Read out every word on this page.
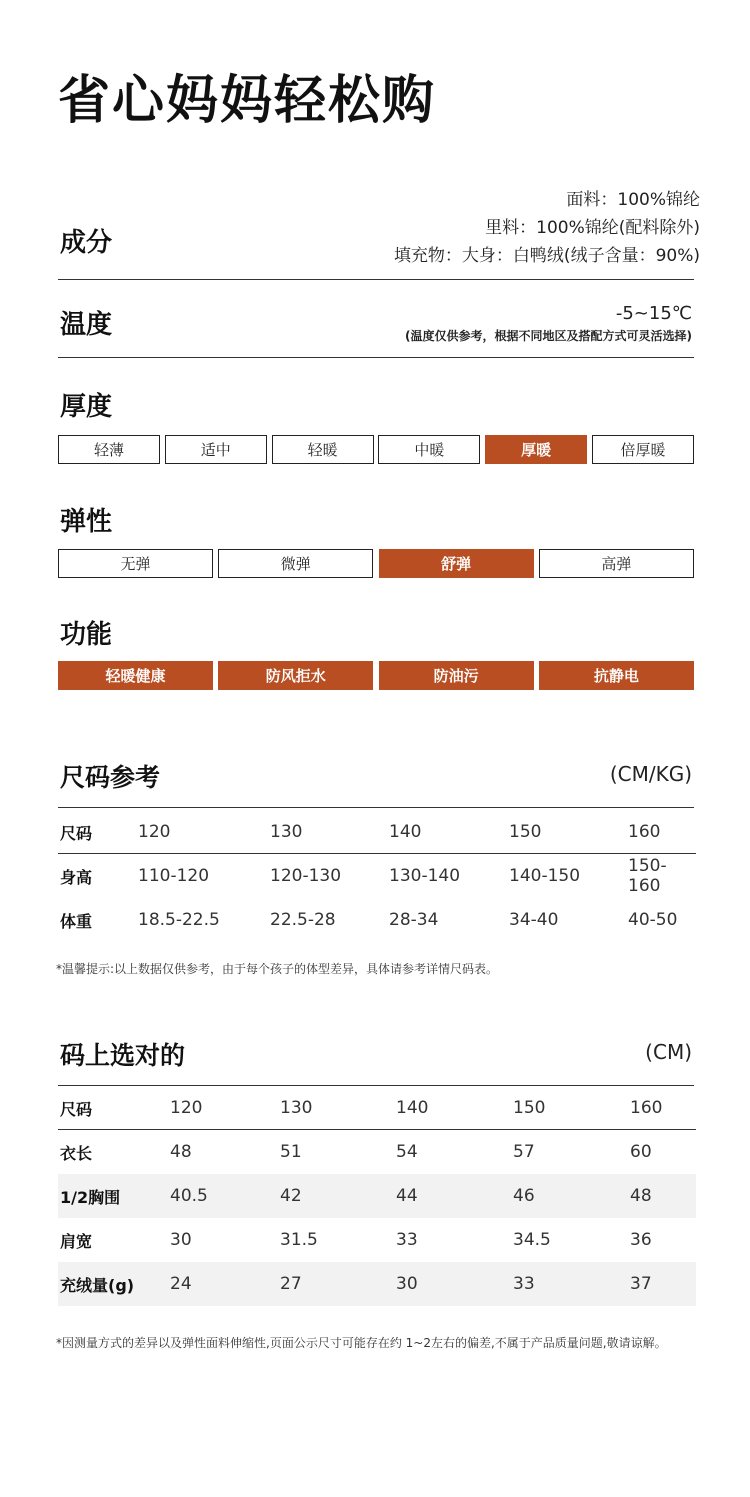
省心妈妈轻松购
成分
面料：100%锦纶
里料：100%锦纶(配料除外)
填充物：大身：白鸭绒(绒子含量：90%)
温度	-5~15℃
(温度仅供参考，根据不同地区及搭配方式可灵活选择)
厚度
轻薄	适中	轻暖	中暖	厚暖	倍厚暖
弹性
无弹	微弹	舒弹	高弹
功能
轻暖健康	防风拒水	防油污	抗静电
尺码参考	(CM/KG)
尺码	120	130	140	150	160
身高	110-120	120-130	130-140	140-150	150-160
体重	18.5-22.5	22.5-28	28-34	34-40	40-50
*温馨提示:以上数据仅供参考，由于每个孩子的体型差异，具体请参考详情尺码表。
码上选对的	(CM)
尺码	120	130	140	150	160
衣长	48	51	54	57	60
1/2胸围	40.5	42	44	46	48
肩宽	30	31.5	33	34.5	36
充绒量(g) 24	27	30	33	37
*因测量方式的差异以及弹性面料伸缩性,页面公示尺寸可能存在约 1~2左右的偏差,不属于产品质量问题,敬请谅解。
